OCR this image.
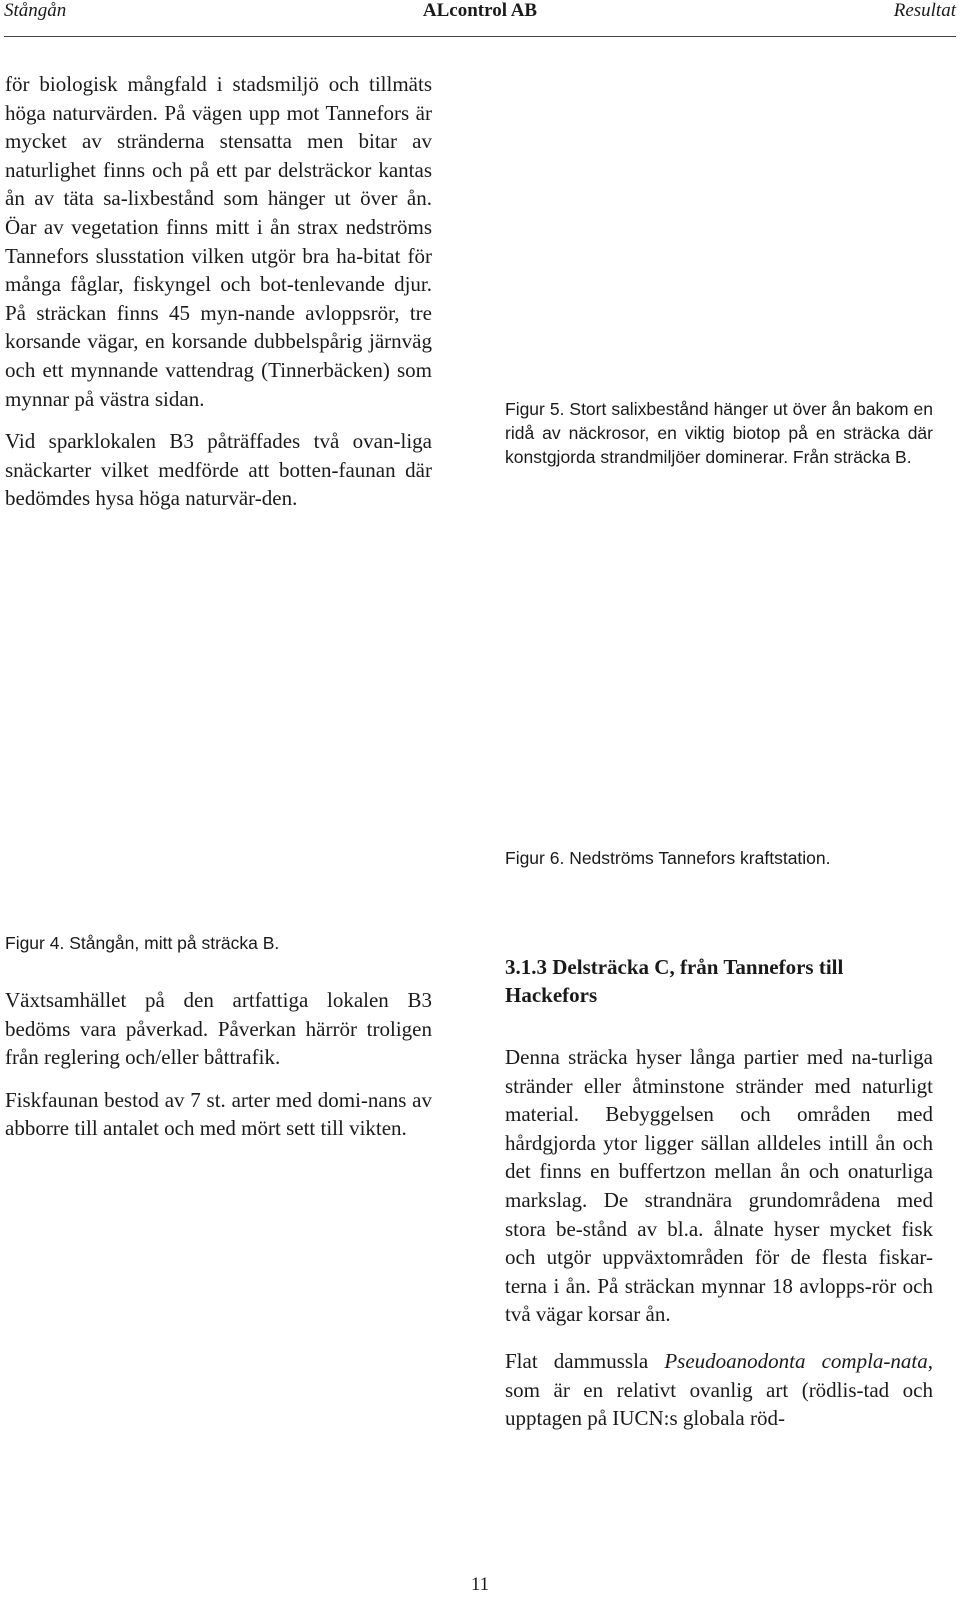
Stångån	ALcontrol AB	Resultat

för biologisk mångfald i stadsmiljö och tillmäts höga naturvärden. På vägen upp mot Tannefors är mycket av stränderna stensatta men bitar av naturlighet finns och på ett par delsträckor kantas ån av täta sa-lixbestånd som hänger ut över ån. Öar av vegetation finns mitt i ån strax nedströms Tannefors slusstation vilken utgör bra ha-bitat för många fåglar, fiskyngel och bot-tenlevande djur. På sträckan finns 45 myn-nande avloppsrör, tre korsande vägar, en korsande dubbelspårig järnväg och ett mynnande vattendrag (Tinnerbäcken) som mynnar på västra sidan.

Vid sparklokalen B3 påträffades två ovan-liga snäckarter vilket medförde att botten-faunan där bedömdes hysa höga naturvär-den.

Figur 5. Stort salixbestånd hänger ut över ån bakom en ridå av näckrosor, en viktig biotop på en sträcka där konstgjorda strandmiljöer dominerar. Från sträcka B.
Figur 6. Nedströms Tannefors kraftstation.
Figur 4. Stångån, mitt på sträcka B.

Växtsamhället på den artfattiga lokalen B3 bedöms vara påverkad. Påverkan härrör troligen från reglering och/eller båttrafik.

Fiskfaunan bestod av 7 st. arter med domi-nans av abborre till antalet och med mört sett till vikten.

3.1.3 Delsträcka C, från Tannefors till Hackefors

Denna sträcka hyser långa partier med na-turliga stränder eller åtminstone stränder med naturligt material. Bebyggelsen och områden med hårdgjorda ytor ligger sällan alldeles intill ån och det finns en buffertzon mellan ån och onaturliga markslag. De strandnära grundområdena med stora be-stånd av bl.a. ålnate hyser mycket fisk och utgör uppväxtområden för de flesta fiskar-terna i ån. På sträckan mynnar 18 avlopps-rör och två vägar korsar ån.

Flat dammussla Pseudoanodonta compla-nata, som är en relativt ovanlig art (rödlis-tad och upptagen på IUCN:s globala röd-

11
